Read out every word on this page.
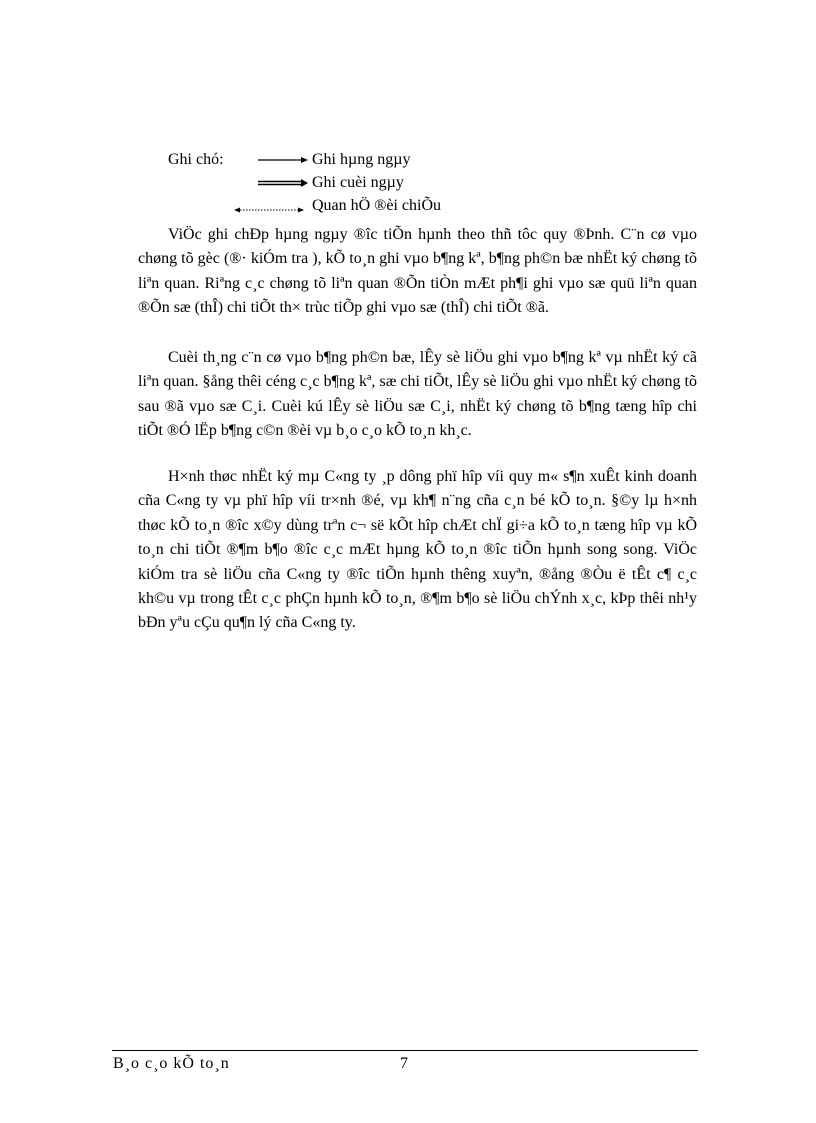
Ghi chó:	Ghi hµng ngµy
Ghi cuèi ngµy
Quan hÖ ®èi chiÕu

ViÖc ghi chÐp hµng ngµy ®îc tiÕn hµnh theo thñ tôc quy ®Þnh. C¨n cø vµo chøng tõ gèc (®· kiÓm tra ), kÕ to¸n ghi vµo b¶ng kª, b¶ng ph©n bæ nhËt ký chøng tõ liªn quan. Riªng c¸c chøng tõ liªn quan ®Õn tiÒn mÆt ph¶i ghi vµo sæ quü liªn quan ®Õn sæ (thÎ) chi tiÕt th× trùc tiÕp ghi vµo sæ (thÎ) chi tiÕt ®ã.

Cuèi th¸ng c¨n cø vµo b¶ng ph©n bæ, lÊy sè liÖu ghi vµo b¶ng kª vµ nhËt ký cã liªn quan. §ång thêi céng c¸c b¶ng kª, sæ chi tiÕt, lÊy sè liÖu ghi vµo nhËt ký chøng tõ sau ®ã vµo sæ C¸i. Cuèi kú lÊy sè liÖu sæ C¸i, nhËt ký chøng tõ b¶ng tæng hîp chi tiÕt ®Ó lËp b¶ng c©n ®èi vµ b¸o c¸o kÕ to¸n kh¸c.

H×nh thøc nhËt ký mµ C«ng ty ¸p dông phï hîp víi quy m« s¶n xuÊt kinh doanh cña C«ng ty vµ phï hîp víi tr×nh ®é, vµ kh¶ n¨ng cña c¸n bé kÕ to¸n. §©y lµ h×nh thøc kÕ to¸n ®îc x©y dùng trªn c¬ së kÕt hîp chÆt chÏ gi÷a kÕ to¸n tæng hîp vµ kÕ to¸n chi tiÕt ®¶m b¶o ®îc c¸c mÆt hµng kÕ to¸n ®îc tiÕn hµnh song song. ViÖc kiÓm tra sè liÖu cña C«ng ty ®îc tiÕn hµnh thêng xuyªn, ®ång ®Òu ë tÊt c¶ c¸c kh©u vµ trong tÊt c¸c phÇn hµnh kÕ to¸n, ®¶m b¶o sè liÖu chÝnh x¸c, kÞp thêi nh¹y bÐn yªu cÇu qu¶n lý cña C«ng ty.

B¸o c¸o kÕ to¸n	7
